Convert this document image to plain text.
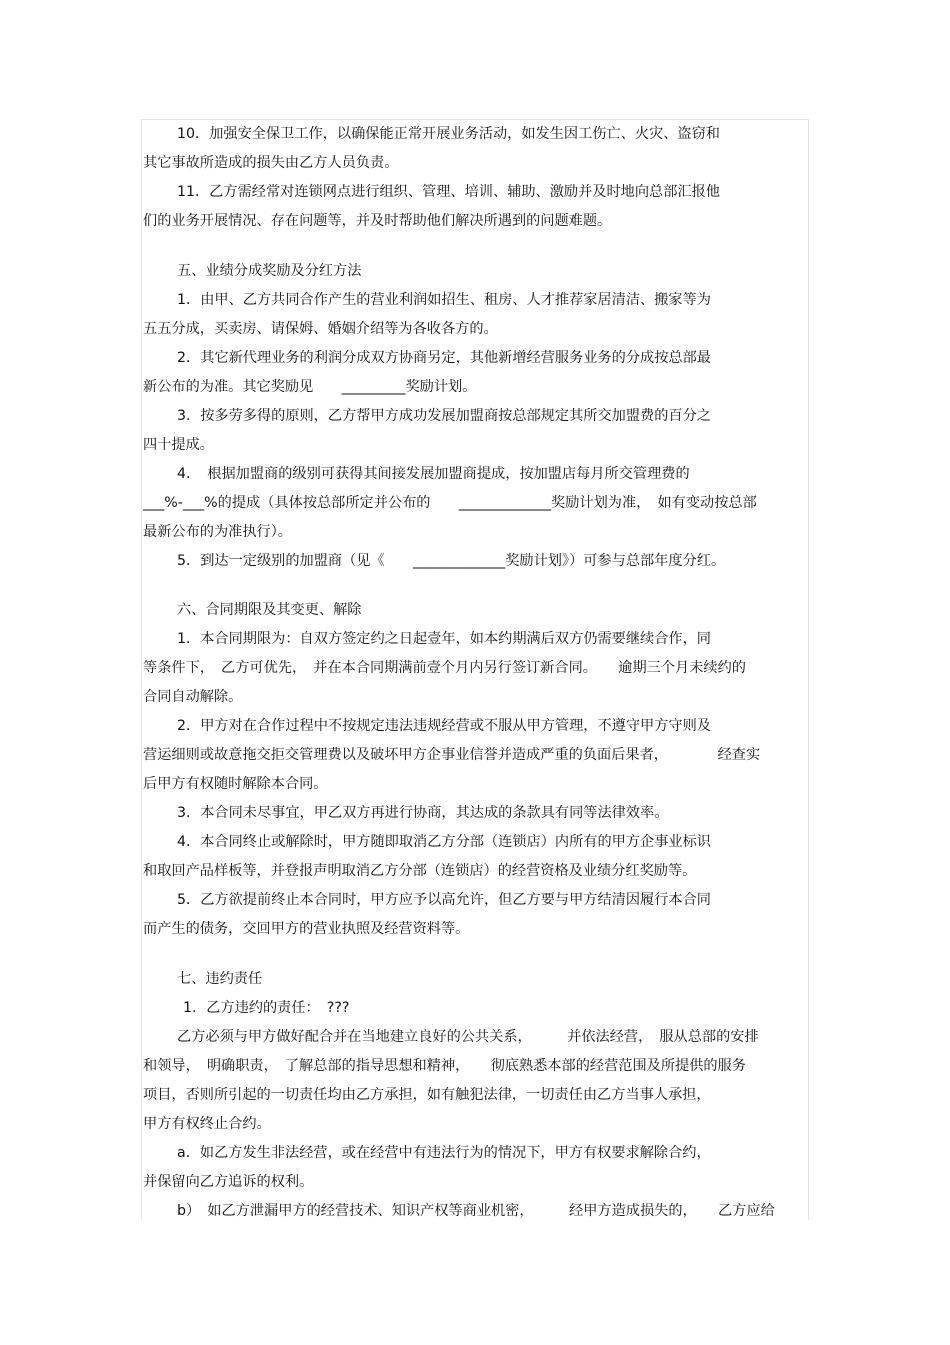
10．加强安全保卫工作，以确保能正常开展业务活动，如发生因工伤亡、火灾、盗窃和
其它事故所造成的损失由乙方人员负责。
11．乙方需经常对连锁网点进行组织、管理、培训、辅助、激励并及时地向总部汇报他
们的业务开展情况、存在问题等，并及时帮助他们解决所遇到的问题难题。
五、业绩分成奖励及分红方法
1．由甲、乙方共同合作产生的营业利润如招生、租房、人才推荐家居清洁、搬家等为
五五分成，买卖房、请保姆、婚姻介绍等为各收各方的。
2．其它新代理业务的利润分成双方协商另定，其他新增经营服务业务的分成按总部最
新公布的为准。其它奖励见　　_________奖励计划。
3．按多劳多得的原则，乙方帮甲方成功发展加盟商按总部规定其所交加盟费的百分之
四十提成。
4．　根据加盟商的级别可获得其间接发展加盟商提成，按加盟店每月所交管理费的
___%-___%的提成（具体按总部所定并公布的　　_____________奖励计划为准，　如有变动按总部
最新公布的为准执行）。
5．到达一定级别的加盟商（见《　　_____________奖励计划》）可参与总部年度分红。
六、合同期限及其变更、解除
1．本合同期限为：自双方签定约之日起壹年，如本约期满后双方仍需要继续合作，同
等条件下，　乙方可优先，　并在本合同期满前壹个月内另行签订新合同。　　逾期三个月未续约的
合同自动解除。
2．甲方对在合作过程中不按规定违法违规经营或不服从甲方管理，不遵守甲方守则及
营运细则或故意拖交拒交管理费以及破坏甲方企事业信誉并造成严重的负面后果者，　　　　经查实
后甲方有权随时解除本合同。
3．本合同未尽事宜，甲乙双方再进行协商，其达成的条款具有同等法律效率。
4．本合同终止或解除时，甲方随即取消乙方分部（连锁店）内所有的甲方企事业标识
和取回产品样板等，并登报声明取消乙方分部（连锁店）的经营资格及业绩分红奖励等。
5．乙方欲提前终止本合同时，甲方应予以高允许，但乙方要与甲方结清因履行本合同
而产生的债务，交回甲方的营业执照及经营资料等。
七、违约责任
1．乙方违约的责任：　???
乙方必须与甲方做好配合并在当地建立良好的公共关系，　　　并依法经营，　服从总部的安排
和领导，　明确职责，　了解总部的指导思想和精神，　　彻底熟悉本部的经营范围及所提供的服务
项目，否则所引起的一切责任均由乙方承担，如有触犯法律，一切责任由乙方当事人承担，
甲方有权终止合约。
a．如乙方发生非法经营，或在经营中有违法行为的情况下，甲方有权要求解除合约，
并保留向乙方追诉的权利。
b）　如乙方泄漏甲方的经营技术、知识产权等商业机密，　　　经甲方造成损失的，　　乙方应给
